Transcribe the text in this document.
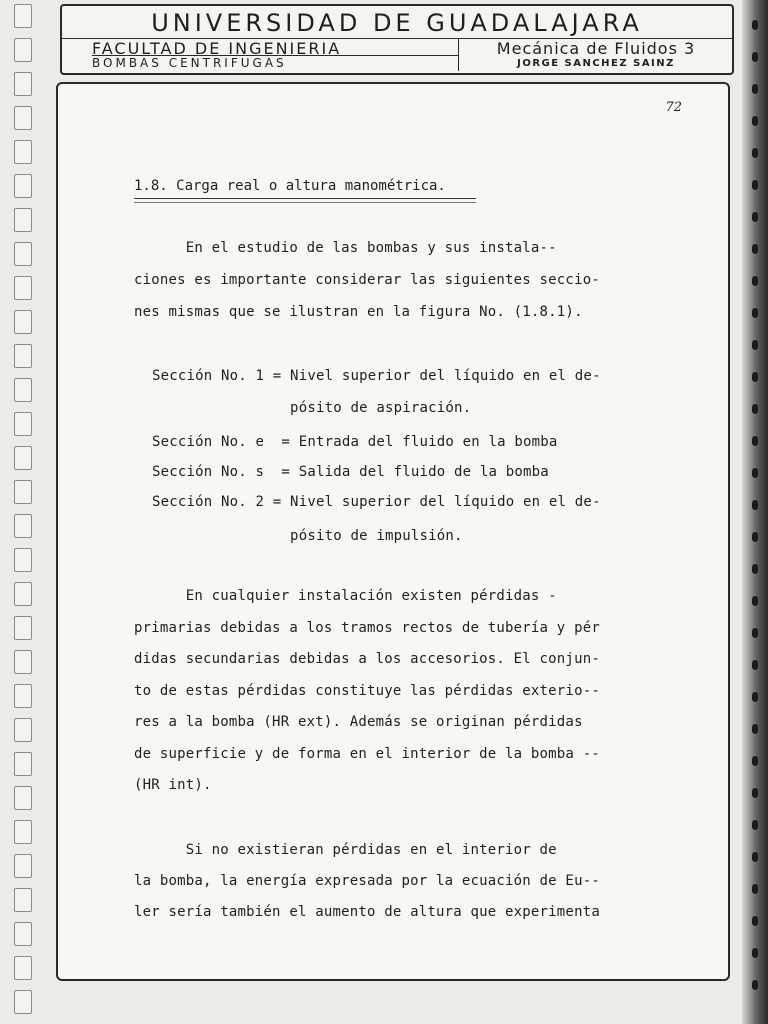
UNIVERSIDAD DE GUADALAJARA
FACULTAD DE INGENIERIA
BOMBAS CENTRIFUGAS
Mecánica de Fluidos 3
JORGE SANCHEZ SAINZ
72
1.8. Carga real o altura manométrica.
En el estudio de las bombas y sus instala--
ciones es importante considerar las siguientes seccio-
nes mismas que se ilustran en la figura No. (1.8.1).
Sección No. 1 = Nivel superior del líquido en el de-
pósito de aspiración.
Sección No. e  = Entrada del fluido en la bomba
Sección No. s  = Salida del fluido de la bomba
Sección No. 2 = Nivel superior del líquido en el de-
pósito de impulsión.
En cualquier instalación existen pérdidas -
primarias debidas a los tramos rectos de tubería y pér
didas secundarias debidas a los accesorios. El conjun-
to de estas pérdidas constituye las pérdidas exterio--
res a la bomba (HR ext). Además se originan pérdidas
de superficie y de forma en el interior de la bomba --
(HR int).
Si no existieran pérdidas en el interior de
la bomba, la energía expresada por la ecuación de Eu--
ler sería también el aumento de altura que experimenta
